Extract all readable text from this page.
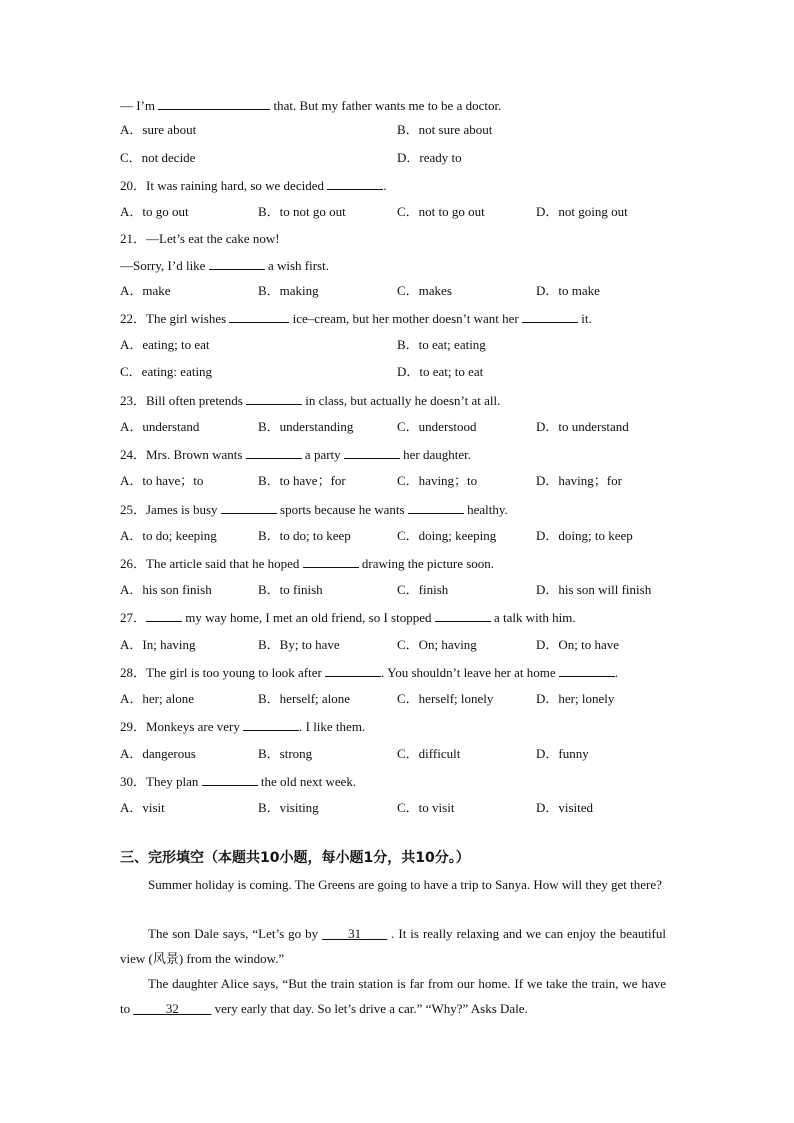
— I’m	that. But my father wants me to be a doctor.
A．sure about	B．not sure about
C．not decide	D．ready to
20．It was raining hard, so we decided	.
A．to go out	B．to not go out	C．not to go out	D．not going out
21．—Let’s eat the cake now!
—Sorry, I’d like	a wish first.
A．make	B．making	C．makes	D．to make
22．The girl wishes	ice–cream, but her mother doesn’t want her	it.
A．eating; to eat	B．to eat; eating
C．eating: eating	D．to eat; to eat
23．Bill often pretends	in class, but actually he doesn’t at all.
A．understand	B．understanding	C．understood	D．to understand
24．Mrs. Brown wants	a party	her daughter.
A．to have；to	B．to have；for	C．having；to	D．having；for
25．James is busy	sports because he wants	healthy.
A．to do; keeping	B．to do; to keep	C．doing; keeping	D．doing; to keep
26．The article said that he hoped	drawing the picture soon.
A．his son finish	B．to finish	C．finish	D．his son will finish
27．	my way home, I met an old friend, so I stopped	a talk with him.
A．In; having	B．By; to have	C．On; having	D．On; to have
28．The girl is too young to look after	. You shouldn’t leave her at home	.
A．her; alone	B．herself; alone	C．herself; lonely	D．her; lonely
29．Monkeys are very	. I like them.
A．dangerous	B．strong	C．difficult	D．funny
30．They plan	the old next week.
A．visit	B．visiting	C．to visit	D．visited
三、完形填空（本题共10小题，每小题1分，共10分。）
Summer holiday is coming. The Greens are going to have a trip to Sanya. How will they get there?
The son Dale says, “Let’s go by ____31____ . It is really relaxing and we can enjoy the beautiful view (风景) from the window.”
The daughter Alice says, “But the train station is far from our home. If we take the train, we have to _____32_____ very early that day. So let’s drive a car.” “Why?” Asks Dale.
